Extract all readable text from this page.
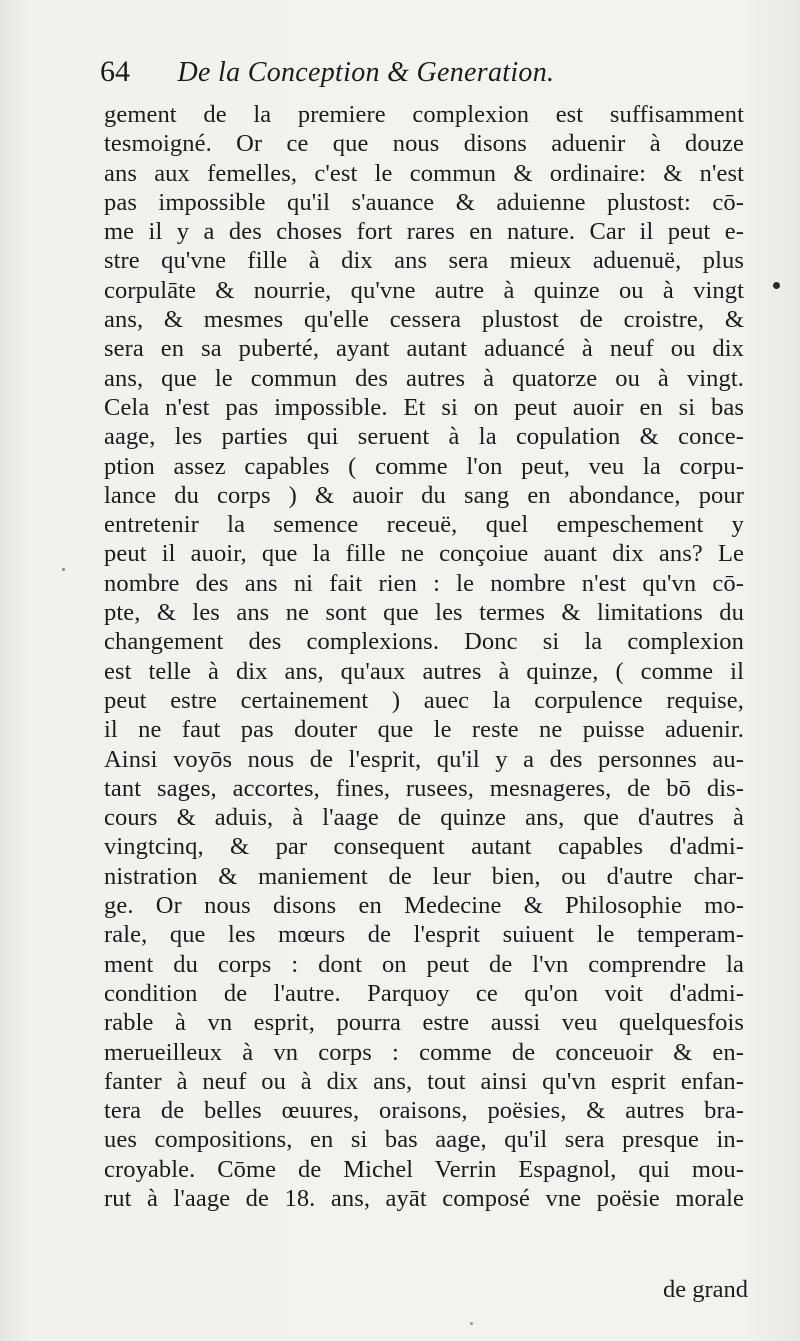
64 De la Conception & Generation.
gement de la premiere complexion est suffisamment
tesmoigné. Or ce que nous disons aduenir à douze
ans aux femelles, c'est le commun & ordinaire: & n'est
pas impossible qu'il s'auance & aduienne plustost: cō-
me il y a des choses fort rares en nature. Car il peut e-
stre qu'vne fille à dix ans sera mieux aduenuë, plus
corpulāte & nourrie, qu'vne autre à quinze ou à vingt
ans, & mesmes qu'elle cessera plustost de croistre, &
sera en sa puberté, ayant autant aduancé à neuf ou dix
ans, que le commun des autres à quatorze ou à vingt.
Cela n'est pas impossible. Et si on peut auoir en si bas
aage, les parties qui seruent à la copulation & conce-
ption assez capables ( comme l'on peut, veu la corpu-
lance du corps ) & auoir du sang en abondance, pour
entretenir la semence receuë, quel empeschement y
peut il auoir, que la fille ne conçoiue auant dix ans? Le
nombre des ans ni fait rien : le nombre n'est qu'vn cō-
pte, & les ans ne sont que les termes & limitations du
changement des complexions. Donc si la complexion
est telle à dix ans, qu'aux autres à quinze, ( comme il
peut estre certainement ) auec la corpulence requise,
il ne faut pas douter que le reste ne puisse aduenir.
Ainsi voyōs nous de l'esprit, qu'il y a des personnes au-
tant sages, accortes, fines, rusees, mesnageres, de bō dis-
cours & aduis, à l'aage de quinze ans, que d'autres à
vingtcinq, & par consequent autant capables d'admi-
nistration & maniement de leur bien, ou d'autre char-
ge. Or nous disons en Medecine & Philosophie mo-
rale, que les mœurs de l'esprit suiuent le temperam-
ment du corps : dont on peut de l'vn comprendre la
condition de l'autre. Parquoy ce qu'on voit d'admi-
rable à vn esprit, pourra estre aussi veu quelquesfois
merueilleux à vn corps : comme de conceuoir & en-
fanter à neuf ou à dix ans, tout ainsi qu'vn esprit enfan-
tera de belles œuures, oraisons, poësies, & autres bra-
ues compositions, en si bas aage, qu'il sera presque in-
croyable. Cōme de Michel Verrin Espagnol, qui mou-
rut à l'aage de 18. ans, ayāt composé vne poësie morale
de grand
